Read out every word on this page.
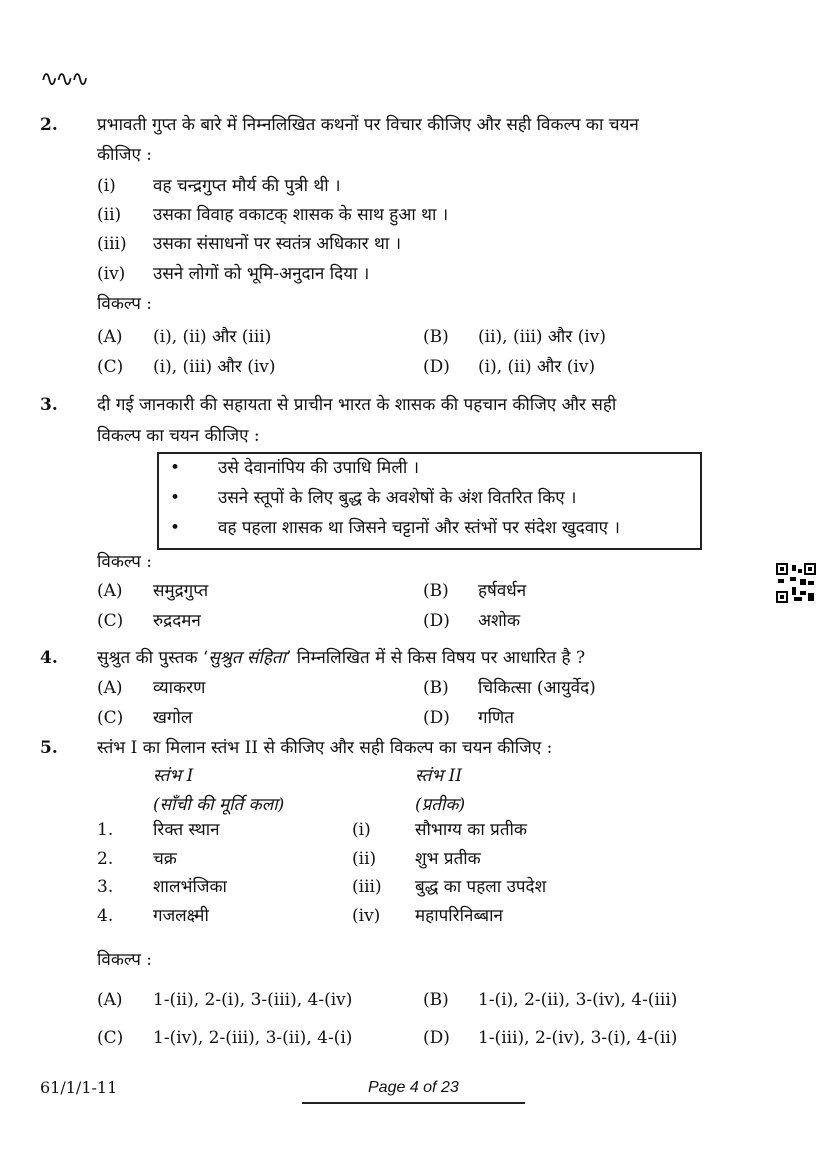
∿∿∿
2. प्रभावती गुप्त के बारे में निम्नलिखित कथनों पर विचार कीजिए और सही विकल्प का चयन
कीजिए :
(i) वह चन्द्रगुप्त मौर्य की पुत्री थी ।
(ii) उसका विवाह वकाटक् शासक के साथ हुआ था ।
(iii) उसका संसाधनों पर स्वतंत्र अधिकार था ।
(iv) उसने लोगों को भूमि-अनुदान दिया ।
विकल्प :
(A) (i), (ii) और (iii)	(B) (ii), (iii) और (iv)
(C) (i), (iii) और (iv)	(D) (i), (ii) और (iv)
3. दी गई जानकारी की सहायता से प्राचीन भारत के शासक की पहचान कीजिए और सही
विकल्प का चयन कीजिए :
• उसे देवानांपिय की उपाधि मिली ।
• उसने स्तूपों के लिए बुद्ध के अवशेषों के अंश वितरित किए ।
• वह पहला शासक था जिसने चट्टानों और स्तंभों पर संदेश खुदवाए ।
विकल्प :
(A) समुद्रगुप्त	(B) हर्षवर्धन
(C) रुद्रदमन	(D) अशोक
4. सुश्रुत की पुस्तक ‘सुश्रुत संहिता’ निम्नलिखित में से किस विषय पर आधारित है ?
(A) व्याकरण	(B) चिकित्सा (आयुर्वेद)
(C) खगोल	(D) गणित
5. स्तंभ I का मिलान स्तंभ II से कीजिए और सही विकल्प का चयन कीजिए :
स्तंभ I
(साँची की मूर्ति कला)
स्तंभ II
(प्रतीक)
1. रिक्त स्थान	(i)	सौभाग्य का प्रतीक
2. चक्र	(ii) शुभ प्रतीक
3. शालभंजिका	(iii) बुद्ध का पहला उपदेश
4. गजलक्ष्मी	(iv) महापरिनिब्बान
विकल्प :
(A) 1-(ii), 2-(i), 3-(iii), 4-(iv)	(B) 1-(i), 2-(ii), 3-(iv), 4-(iii)
(C) 1-(iv), 2-(iii), 3-(ii), 4-(i)	(D) 1-(iii), 2-(iv), 3-(i), 4-(ii)
61/1/1-11	Page 4 of 23
